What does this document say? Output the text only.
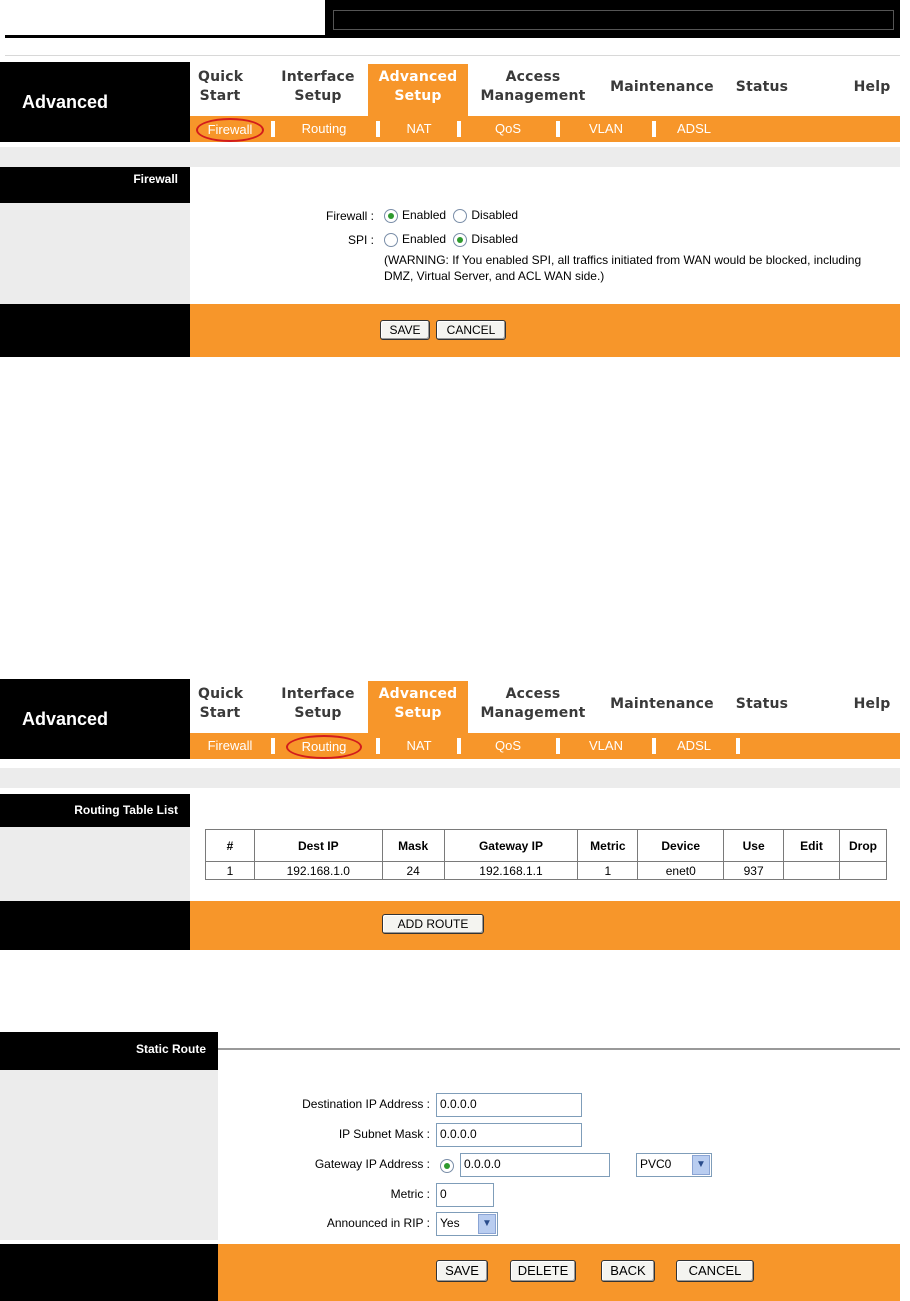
Advanced
Quick
Start
Interface
Setup
Advanced
Setup
Access
Management
Maintenance Status	Help
Firewall	Routing	NAT	QoS	VLAN	ADSL
Firewall
Firewall :	Enabled Disabled
SPI :	Enabled Disabled
(WARNING: If You enabled SPI, all traffics initiated from WAN would be blocked, including
DMZ, Virtual Server, and ACL WAN side.)
SAVE	CANCEL
Advanced
Quick
Start
Interface
Setup
Advanced
Setup
Access
Management
Maintenance Status	Help
Firewall	Routing	NAT	QoS	VLAN	ADSL
Routing Table List
#	Dest IP	Mask	Gateway IP	Metric	Device	Use	Edit	Drop
1	192.168.1.0	24	192.168.1.1	1	enet0	937		
ADD ROUTE
Static Route
Destination IP Address : 0.0.0.0
IP Subnet Mask : 0.0.0.0
Gateway IP Address :
	0.0.0.0	PVC0	▼
Metric : 0
Announced in RIP : Yes	▼
SAVE	DELETE	BACK	CANCEL
